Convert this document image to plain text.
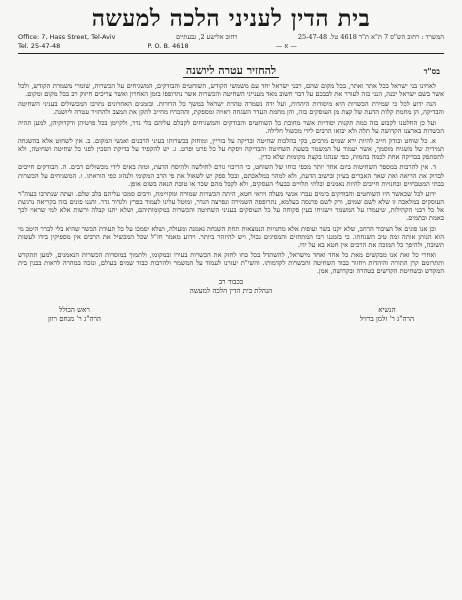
בית הדין לעניני הלכה למעשה
Office: 7, Hass Street, Tel-Aviv	רחוב אלישע 2, גבעתיים	המשרד : רחוב הש"ס 7 ת"א ת"ד 4618 טל. 25-47-48
Tel. 25-47-48	P. O. B. 4618	— א —
בס"ד
להחזיר עטרה ליושנה

לאחינו בני ישראל בכל אתר ואתר, בכל מקום שהם, רבני ישראל יחד עם משמשי הקודש, השוחטים והבודקים, המשגיחים על הכשרות, שומרי משמרת הקודש, ולכל אשר בשם ישראל יכנה, הנני בזה לעורר את לבבכם על דבר חשוב מאד מענייני השחיטה והכשרות אשר נתרופפו בזמן האחרון ואשר צריכים חיזוק רב בכל מקום ומקום.

הנה ידוע לכל כי שמירת הכשרות היא מיסודות היהדות, ועל ידה נשמרה טהרת ישראל במשך כל הדורות. ובזמנים האחרונים נתרבו המכשולים בעניני השחיטה והבדיקה, הן מחמת קלות הדעת של קצת מן העוסקים בזה, והן מחמת העדר השגחה ראויה ומספקת, וההכרח מחייב לתקן את המצב ולהחזיר עטרה ליושנה.

ועל כן החלטנו לקבוע בזה כמה תקנות יסודיות אשר מחובת כל השוחטים והבודקים והמשגיחים לקבלם עליהם בלי נדר, ולקיימן בכל פרטיהן ודקדוקיהן, למען תהיה הכשרות בארצנו הקדושה על תלה ולא יבואו הרבים לידי מכשול חלילה.

א. כל שוחט ובודק חייב להיות ירא שמים מרבים, בקי בהלכות שחיטה ובדיקה על בוריין, ומוחזק בכשרותו בעיני הרבנים ואנשי המקום. ב. אין לשחוט אלא בהשגחה תמידית של משגיח מוסמך, אשר יעמוד על המשמר בשעת השחיטה והבדיקה ויפקח על כל פרט ופרט. ג. יש להקפיד על בדיקת הסכין לפני כל שחיטה ושחיטה, ולא להסתפק בבדיקה אחת לכמה בהמות, כפי שנהגו בקצת מקומות שלא כדין.

ד. אין להרבות במספר השחיטות ביום אחד יותר מכפי כוחו של השוחט, כי הריבוי גורם לחולשה ולהיסח הדעת, ומזה באים לידי מכשולים רבים. ה. הבודקים חייבים לבדוק את הריאה ואת שאר האברים בעיון ובישוב הדעת, ולא למהר במלאכתם, ובכל ספק יש לשאול את פי הרב המקומי ולנהוג כפי הוראתו. ו. המשגיחים על הכשרות בבתי המטבחיים ובחנויות חייבים להיות נאמנים ובלתי תלויים בבעלי העסקים, ולא לקבל מהם שכר או טובת הנאה בשום אופן.

ידוע לכל שכאשר היו השוחטים והבודקים בימים עברו אנשי מעלה ויראי חטא, היתה הכשרות שמורה ומקויימת, ורבים סמכו עליהם בלב שלם. ועתה שנתרבו בעוה"ר העוסקים במלאכה זו שלא לשם שמים, ורק לשם פרנסה בעלמא, נתרופפה השמירה ונפרצה הגדר, ומוטל עלינו לעמוד בפרץ ולגדור גדר. והננו פונים בזה בקריאה נרגשת אל כל רבני הקהילות, שיעמדו על המשמר וישגיחו בעין פקוחה על כל העוסקים בעניני השחיטה והכשרות במקומותיהם, ושלא יתנו קבלה ורשות אלא למי שראוי לכך באמת ובתמים.

וכן אנו פונים אל הציבור הרחב, שלא יקנו בשר ועופות אלא מחנויות הנמצאות תחת השגחה נאמנה ומעולה, ושלא יסמכו על כל תעודת הכשר שהיא בלי לברר היטב מי הוא הנותן אותה ומה טיב השגחתו. כי בזמננו רבו המתחזים והמסיגים גבול, ויש להיזהר ביותר. וידוע מאמר חז"ל שכל המכשיל את הרבים אין מספיקין בידו לעשות תשובה, ולהיפך כל המזכה את הרבים אין חטא בא על ידו.

ואחרי כל זאת אנו מבקשים מאת כל אחד ואחד מישראל, להשתדל בכל כחו לחזק את הכשרות בעירו ובמקומו, ולתמוך במוסדות הכשרות הנאמנים, למען תתקדש ותתרומם קרן התורה והיהדות ויחזור כבוד השחיטה והכשרות לקדמותו. והשי"ת יעזרנו לעמוד על המשמר ולהרבות כבוד שמים בעולם, ונזכה במהרה לראות בבנין בית המקדש ובשחיטת הקדשים בטהרה ובקדושה, אמן.

בכבוד רב
הנהלת בית הדין הלכה למעשה
הנשיא
הרה"ג ר' זלמן ברזיל
ראש הכולל
הרה"ג ר' מנחם רוזן
